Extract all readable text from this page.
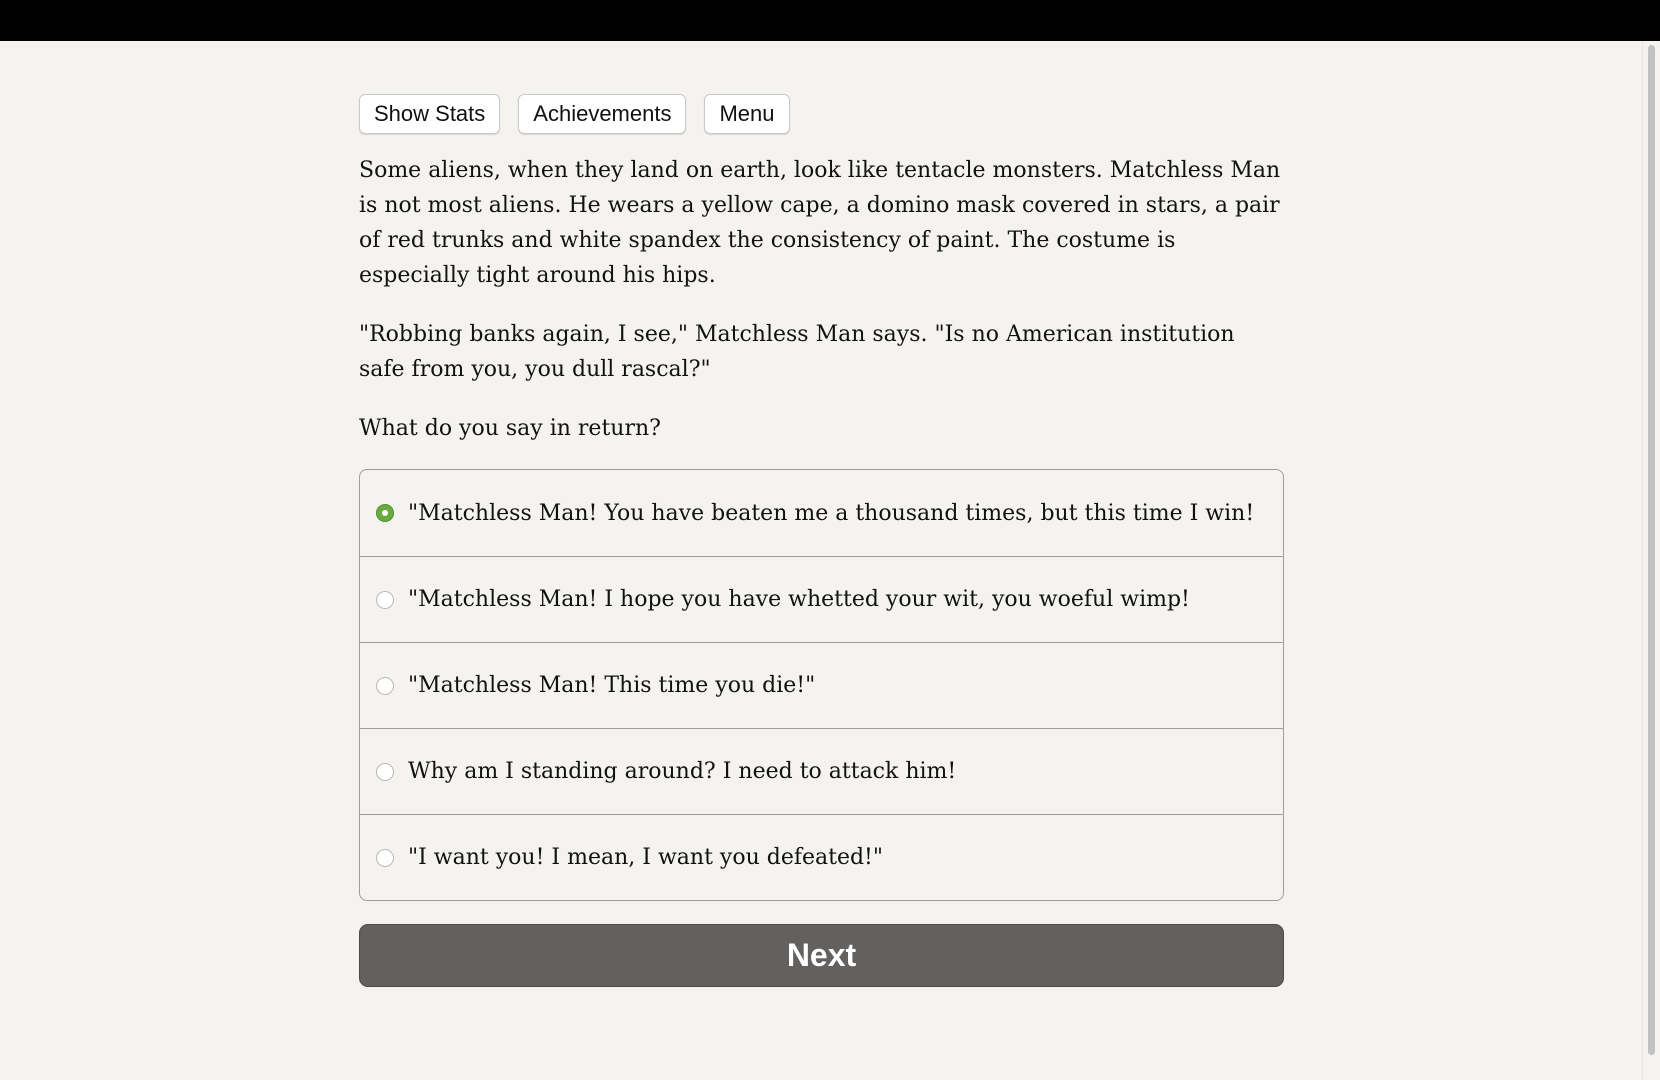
Show Stats	Achievements	Menu

Some aliens, when they land on earth, look like tentacle monsters. Matchless Man is not most aliens. He wears a yellow cape, a domino mask covered in stars, a pair of red trunks and white spandex the consistency of paint. The costume is especially tight around his hips.

"Robbing banks again, I see," Matchless Man says. "Is no American institution safe from you, you dull rascal?"

What do you say in return?

"Matchless Man! You have beaten me a thousand times, but this time I win!
"Matchless Man! I hope you have whetted your wit, you woeful wimp!
"Matchless Man! This time you die!"
Why am I standing around? I need to attack him!
"I want you! I mean, I want you defeated!"
Next
